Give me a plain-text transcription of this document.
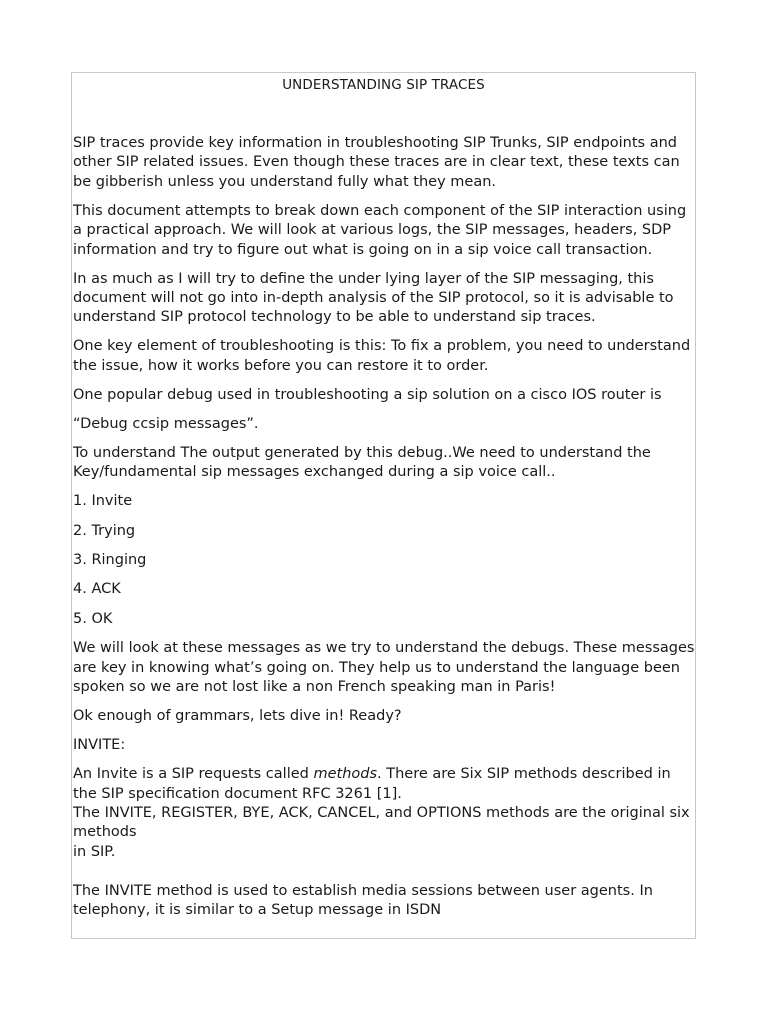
UNDERSTANDING SIP TRACES

SIP traces provide key information in troubleshooting SIP Trunks, SIP endpoints and other SIP related issues. Even though these traces are in clear text, these texts can be gibberish unless you understand fully what they mean.

This document attempts to break down each component of the SIP interaction using a practical approach. We will look at various logs, the SIP messages, headers, SDP information and try to figure out what is going on in a sip voice call transaction.

In as much as I will try to define the under lying layer of the SIP messaging, this document will not go into in-depth analysis of the SIP protocol, so it is advisable to understand SIP protocol technology to be able to understand sip traces.

One key element of troubleshooting is this: To fix a problem, you need to understand the issue, how it works before you can restore it to order.

One popular debug used in troubleshooting a sip solution on a cisco IOS router is

“Debug ccsip messages”.

To understand The output generated by this debug..We need to understand the Key/fundamental sip messages exchanged during a sip voice call..

1. Invite

2. Trying

3. Ringing

4. ACK

5. OK

We will look at these messages as we try to understand the debugs. These messages are key in knowing what’s going on. They help us to understand the language been spoken so we are not lost like a non French speaking man in Paris!

Ok enough of grammars, lets dive in! Ready?

INVITE:

An Invite is a SIP requests called methods. There are Six SIP methods described in the SIP specification document RFC 3261 [1].
The INVITE, REGISTER, BYE, ACK, CANCEL, and OPTIONS methods are the original six methods
in SIP.

The INVITE method is used to establish media sessions between user agents. In telephony, it is similar to a Setup message in ISDN
